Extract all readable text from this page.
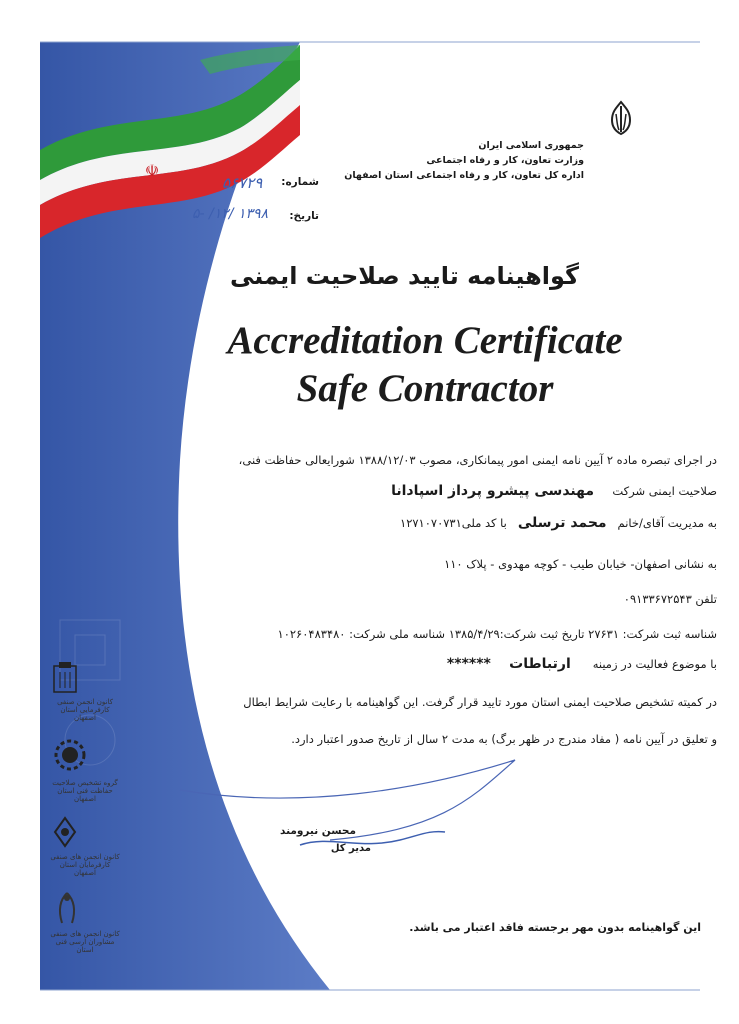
☫
جمهوری اسلامی ایران
وزارت تعاون، کار و رفاه اجتماعی
اداره کل تعاون، کار و رفاه اجتماعی استان اصفهان
شماره:
۵۶۷۲۹
تاریخ:
۱۳۹۸ /۱۲/ -۵
گواهینامه تایید صلاحیت ایمنی
Accreditation Certificate
Safe Contractor
در اجرای تبصره ماده ۲ آیین نامه ایمنی امور پیمانکاری، مصوب ۱۳۸۸/۱۲/۰۳ شورایعالی حفاظت فنی،
صلاحیت ایمنی شرکت     مهندسی پیشرو پرداز اسپادانا
به مدیریت آقای/خانم   محمد ترسلی   با کد ملی۱۲۷۱۰۷۰۷۳۱
به نشانی اصفهان- خیابان طیب - کوچه مهدوی - پلاک ۱۱۰
تلفن ۰۹۱۳۳۶۷۲۵۴۳
شناسه ثبت شرکت: ۲۷۶۳۱ تاریخ ثبت شرکت:۱۳۸۵/۴/۲۹ شناسه ملی شرکت: ۱۰۲۶۰۴۸۳۴۸۰
با موضوع فعالیت در زمینه      ارتباطات     ******
در کمیته تشخیص صلاحیت ایمنی استان مورد تایید قرار گرفت. این گواهینامه با رعایت شرایط ابطال
و تعلیق در آیین نامه ( مفاد مندرج در ظهر برگ) به مدت ۲ سال از تاریخ صدور اعتبار دارد.
محسن نیرومند
مدیر کل
این گواهینامه بدون مهر برجسته فاقد اعتبار می باشد.
کانون انجمن صنفی کارفرمایی استان اصفهان
گروه تشخیص صلاحیت حفاظت فنی استان اصفهان
کانون انجمن های صنفی کارفرمایان استان اصفهان
کانون انجمن های صنفی مشاوران ارسی فنی استان
